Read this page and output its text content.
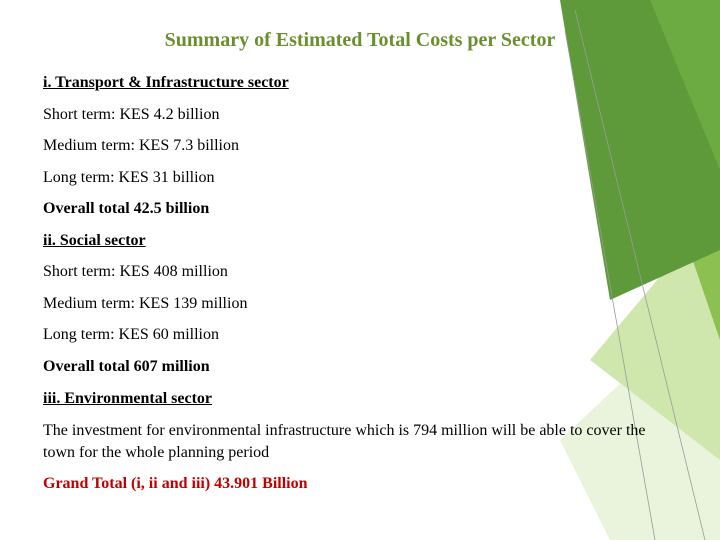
Summary of Estimated Total Costs per Sector
i. Transport & Infrastructure sector
Short term: KES 4.2 billion
Medium term: KES 7.3 billion
Long term: KES 31 billion
Overall total 42.5 billion
ii. Social sector
Short term: KES 408 million
Medium term: KES 139 million
Long term: KES 60 million
Overall total 607 million
iii. Environmental sector
The investment for environmental infrastructure which is 794 million will be able to cover the town for the whole planning period
Grand Total (i, ii and iii) 43.901 Billion
